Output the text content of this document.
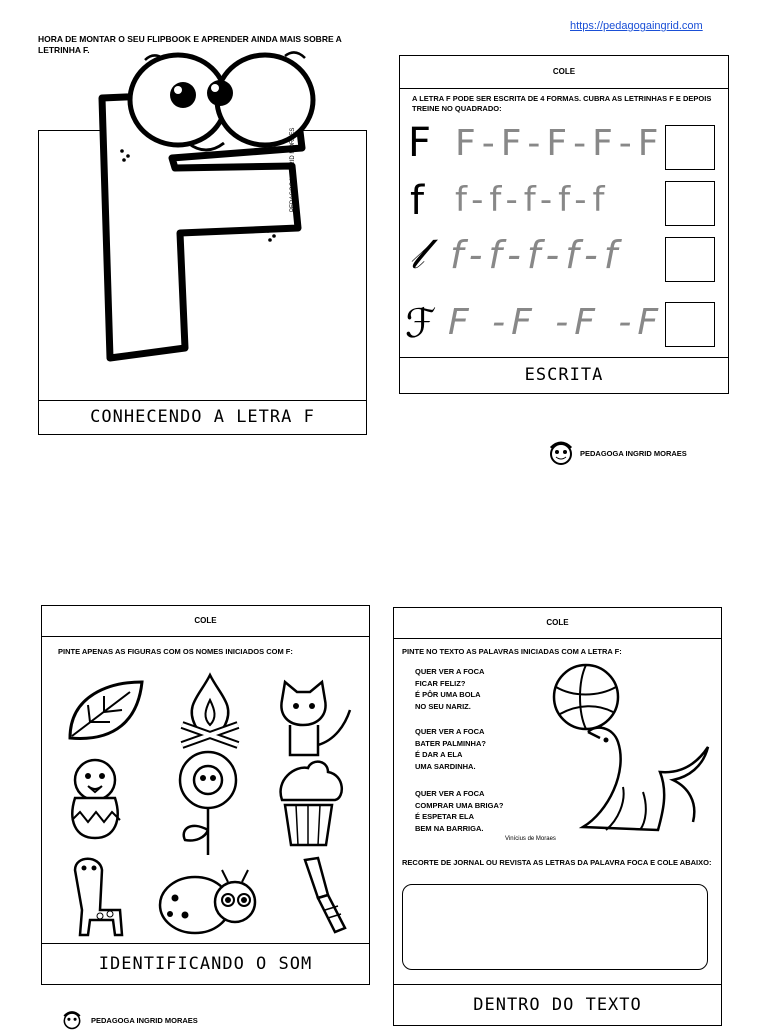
https://pedagogaingrid.com
HORA DE MONTAR O SEU FLIPBOOK E APRENDER AINDA MAIS SOBRE A LETRINHA F.
PEDAGOGA INGRID MORAES
CONHECENDO A LETRA F
COLE
A LETRA F PODE SER ESCRITA DE 4 FORMAS. CUBRA AS LETRINHAS F E DEPOIS TREINE NO QUADRADO:
F F-F-F-F-F
f f-f-f-f-f
𝓁 f-f-f-f-f
ℱ F -F -F -F
ESCRITA
PEDAGOGA INGRID MORAES
COLE
PINTE APENAS AS FIGURAS COM OS NOMES INICIADOS COM F:
IDENTIFICANDO O SOM
COLE
PINTE NO TEXTO AS PALAVRAS INICIADAS COM A LETRA F:
QUER VER A FOCA
FICAR FELIZ?
É PÔR UMA BOLA
NO SEU NARIZ.
QUER VER A FOCA
BATER PALMINHA?
É DAR A ELA
UMA SARDINHA.
QUER VER A FOCA
COMPRAR UMA BRIGA?
É ESPETAR ELA
BEM NA BARRIGA.
Vinícius de Moraes
RECORTE DE JORNAL OU REVISTA AS LETRAS DA PALAVRA FOCA E COLE ABAIXO:
DENTRO DO TEXTO
PEDAGOGA INGRID MORAES
